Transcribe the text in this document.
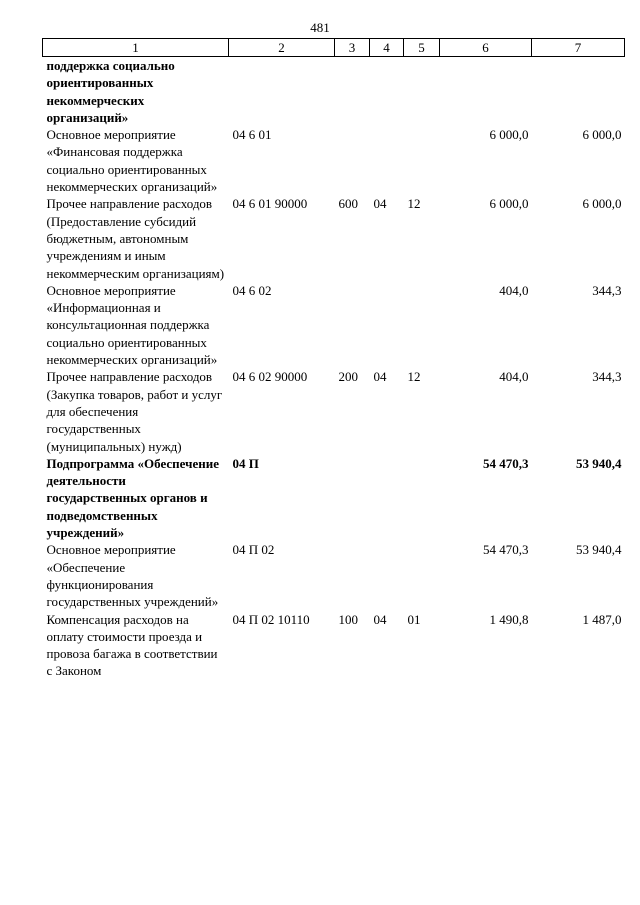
481
1	2	3	4	5	6	7
поддержка социально ориентированных некоммерческих организаций»						
Основное мероприятие «Финансовая поддержка социально ориентированных некоммерческих организаций»	04 6 01				6 000,0	6 000,0
Прочее направление расходов (Предоставление субсидий бюджетным, автономным учреждениям и иным некоммерческим организациям)	04 6 01 90000	600	04	12	6 000,0	6 000,0
Основное мероприятие «Информационная и консультационная поддержка социально ориентированных некоммерческих организаций»	04 6 02				404,0	344,3
Прочее направление расходов (Закупка товаров, работ и услуг для обеспечения государственных (муниципальных) нужд)	04 6 02 90000	200	04	12	404,0	344,3
Подпрограмма «Обеспечение деятельности государственных органов и подведомственных учреждений»	04 П				54 470,3	53 940,4
Основное мероприятие «Обеспечение функционирования государственных учреждений»	04 П 02				54 470,3	53 940,4
Компенсация расходов на оплату стоимости проезда и провоза багажа в соответствии с Законом	04 П 02 10110	100	04	01	1 490,8	1 487,0
